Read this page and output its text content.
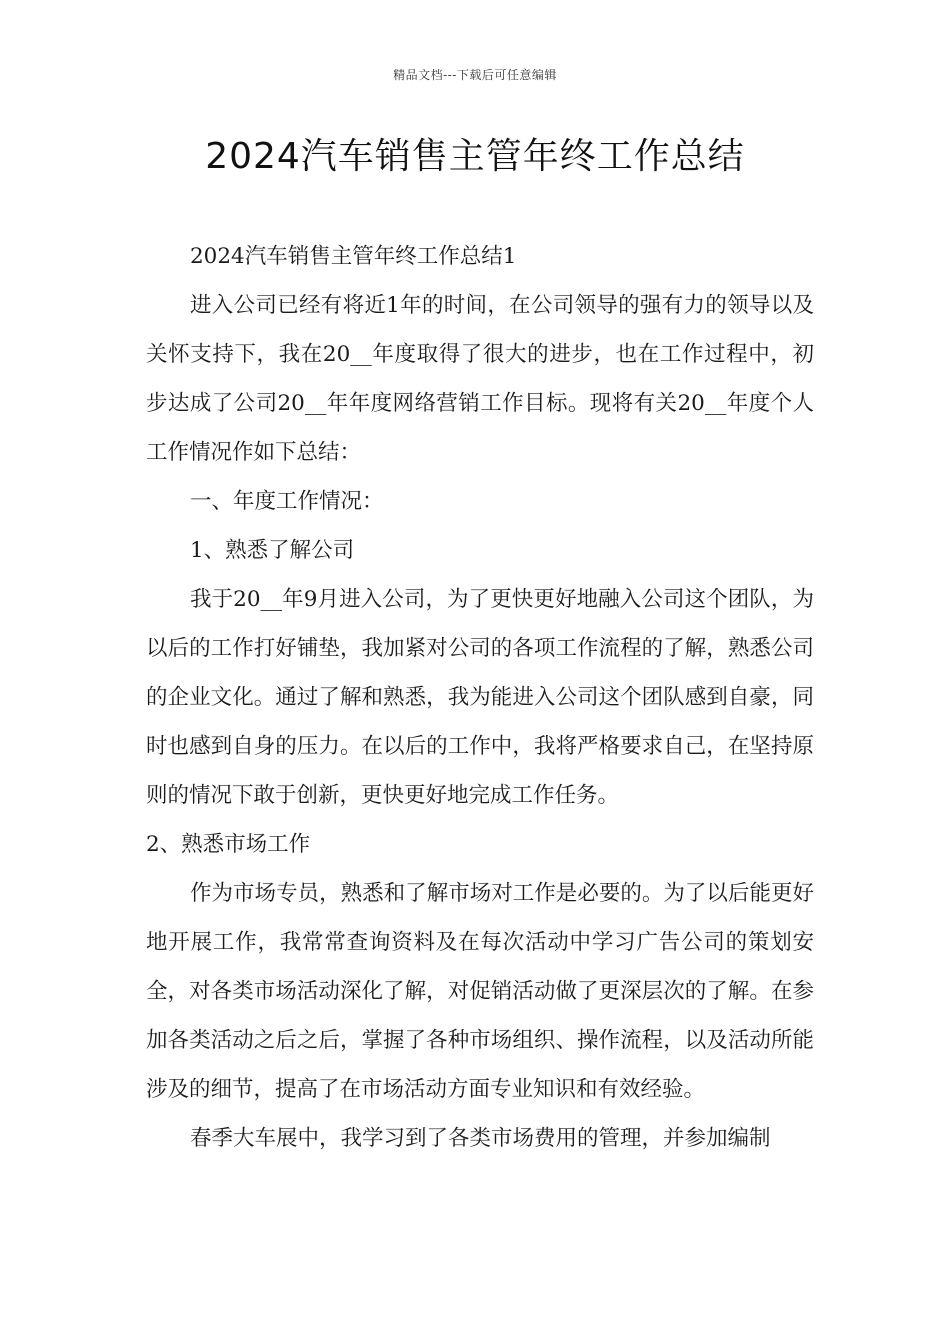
精品文档---下载后可任意编辑
2024汽车销售主管年终工作总结

2024汽车销售主管年终工作总结1

进入公司已经有将近1年的时间，在公司领导的强有力的领导以及关怀支持下，我在20__年度取得了很大的进步，也在工作过程中，初步达成了公司20__年年度网络营销工作目标。现将有关20__年度个人工作情况作如下总结：

一、年度工作情况：

1、熟悉了解公司

我于20__年9月进入公司，为了更快更好地融入公司这个团队，为以后的工作打好铺垫，我加紧对公司的各项工作流程的了解，熟悉公司的企业文化。通过了解和熟悉，我为能进入公司这个团队感到自豪，同时也感到自身的压力。在以后的工作中，我将严格要求自己，在坚持原则的情况下敢于创新，更快更好地完成工作任务。

2、熟悉市场工作

作为市场专员，熟悉和了解市场对工作是必要的。为了以后能更好地开展工作，我常常查询资料及在每次活动中学习广告公司的策划安全，对各类市场活动深化了解，对促销活动做了更深层次的了解。在参加各类活动之后之后，掌握了各种市场组织、操作流程，以及活动所能涉及的细节，提高了在市场活动方面专业知识和有效经验。

春季大车展中，我学习到了各类市场费用的管理，并参加编制
